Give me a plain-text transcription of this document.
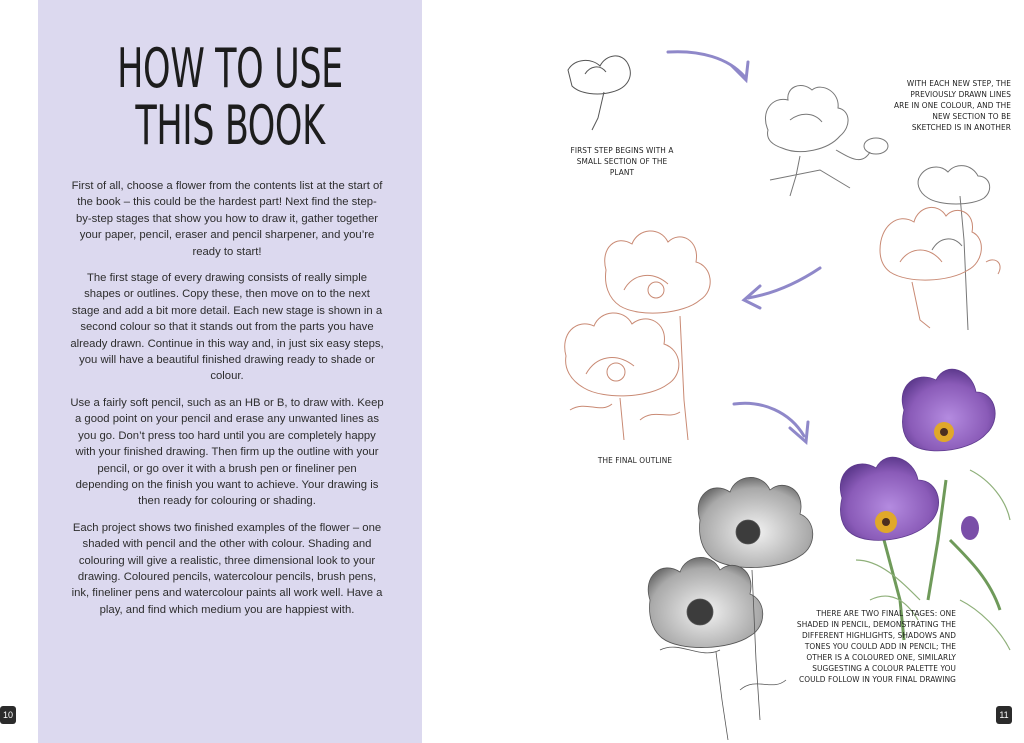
HOW TO USE
THIS BOOK

First of all, choose a flower from the contents list at the start of the book – this could be the hardest part! Next find the step-by-step stages that show you how to draw it, gather together your paper, pencil, eraser and pencil sharpener, and you’re ready to start!

The first stage of every drawing consists of really simple shapes or outlines. Copy these, then move on to the next stage and add a bit more detail. Each new stage is shown in a second colour so that it stands out from the parts you have already drawn. Continue in this way and, in just six easy steps, you will have a beautiful finished drawing ready to shade or colour.

Use a fairly soft pencil, such as an HB or B, to draw with. Keep a good point on your pencil and erase any unwanted lines as you go. Don’t press too hard until you are completely happy with your finished drawing. Then firm up the outline with your pencil, or go over it with a brush pen or fineliner pen depending on the finish you want to achieve. Your drawing is then ready for colouring or shading.

Each project shows two finished examples of the flower – one shaded with pencil and the other with colour. Shading and colouring will give a realistic, three dimensional look to your drawing. Coloured pencils, watercolour pencils, brush pens, ink, fineliner pens and watercolour paints all work well. Have a play, and find which medium you are happiest with.

10
FIRST STEP BEGINS WITH A SMALL SECTION OF THE PLANT
WITH EACH NEW STEP, THE PREVIOUSLY DRAWN LINES ARE IN ONE COLOUR, AND THE NEW SECTION TO BE SKETCHED IS IN ANOTHER
THE FINAL OUTLINE
THERE ARE TWO FINAL STAGES: ONE SHADED IN PENCIL, DEMONSTRATING THE DIFFERENT HIGHLIGHTS, SHADOWS AND TONES YOU COULD ADD IN PENCIL; THE OTHER IS A COLOURED ONE, SIMILARLY SUGGESTING A COLOUR PALETTE YOU COULD FOLLOW IN YOUR FINAL DRAWING
11
